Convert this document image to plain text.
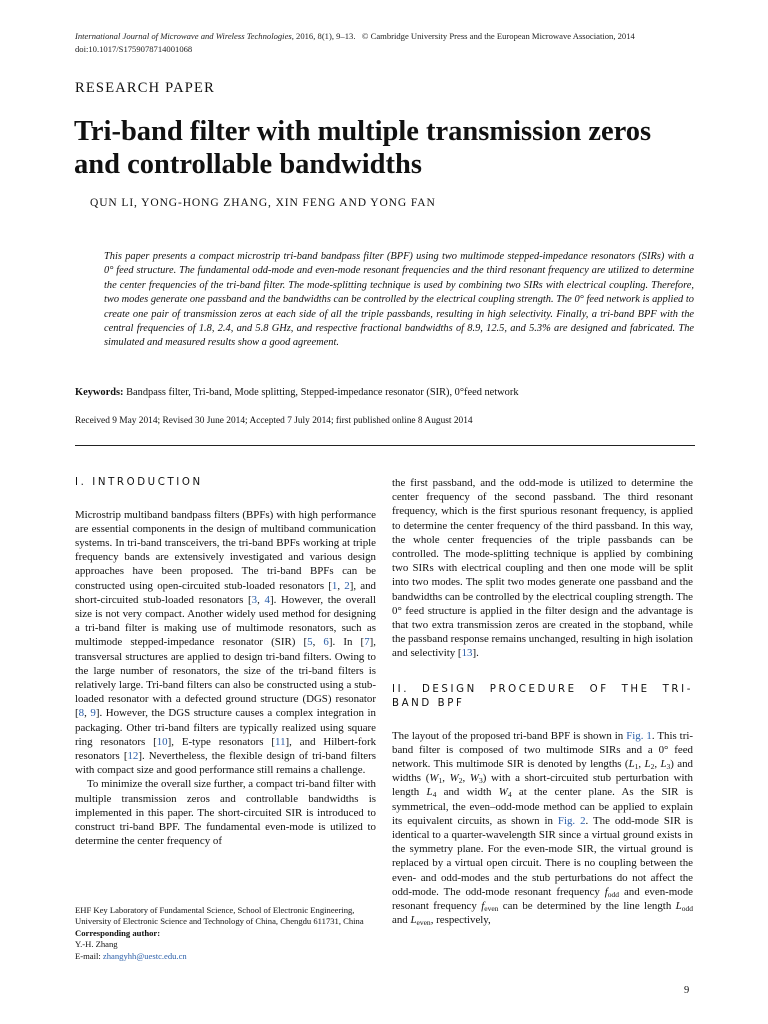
International Journal of Microwave and Wireless Technologies, 2016, 8(1), 9–13. © Cambridge University Press and the European Microwave Association, 2014
doi:10.1017/S1759078714001068
RESEARCH PAPER
Tri-band filter with multiple transmission zeros and controllable bandwidths
QUN LI, YONG-HONG ZHANG, XIN FENG AND YONG FAN

This paper presents a compact microstrip tri-band bandpass filter (BPF) using two multimode stepped-impedance resonators (SIRs) with a 0° feed structure. The fundamental odd-mode and even-mode resonant frequencies and the third resonant frequency are utilized to determine the center frequencies of the tri-band filter. The mode-splitting technique is used by combining two SIRs with electrical coupling. Therefore, two modes generate one passband and the bandwidths can be controlled by the electrical coupling strength. The 0° feed network is applied to create one pair of transmission zeros at each side of all the triple passbands, resulting in high selectivity. Finally, a tri-band BPF with the central frequencies of 1.8, 2.4, and 5.8 GHz, and respective fractional bandwidths of 8.9, 12.5, and 5.3% are designed and fabricated. The simulated and measured results show a good agreement.

Keywords: Bandpass filter, Tri-band, Mode splitting, Stepped-impedance resonator (SIR), 0°feed network
Received 9 May 2014; Revised 30 June 2014; Accepted 7 July 2014; first published online 8 August 2014
I. INTRODUCTION

Microstrip multiband bandpass filters (BPFs) with high performance are essential components in the design of multiband communication systems. In tri-band transceivers, the tri-band BPFs working at triple frequency bands are extensively investigated and various design approaches have been proposed. The tri-band BPFs can be constructed using open-circuited stub-loaded resonators [1, 2], and short-circuited stub-loaded resonators [3, 4]. However, the overall size is not very compact. Another widely used method for designing a tri-band filter is making use of multimode resonators, such as multimode stepped-impedance resonator (SIR) [5, 6]. In [7], transversal structures are applied to design tri-band filters. Owing to the large number of resonators, the size of the tri-band filters is relatively large. Tri-band filters can also be constructed using a stub-loaded resonator with a defected ground structure (DGS) resonator [8, 9]. However, the DGS structure causes a complex integration in packaging. Other tri-band filters are typically realized using square ring resonators [10], E-type resonators [11], and Hilbert-fork resonators [12]. Nevertheless, the flexible design of tri-band filters with compact size and good performance still remains a challenge.

To minimize the overall size further, a compact tri-band filter with multiple transmission zeros and controllable bandwidths is implemented in this paper. The short-circuited SIR is introduced to construct tri-band BPF. The fundamental even-mode is utilized to determine the center frequency of

the first passband, and the odd-mode is utilized to determine the center frequency of the second passband. The third resonant frequency, which is the first spurious resonant frequency, is applied to determine the center frequency of the third passband. In this way, the whole center frequencies of the triple passbands can be controlled. The mode-splitting technique is applied by combining two SIRs with electrical coupling and then one mode will be split into two modes. The split two modes generate one passband and the bandwidths can be controlled by the electrical coupling strength. The 0° feed structure is applied in the filter design and the advantage is that two extra transmission zeros are created in the stopband, while the passband response remains unchanged, resulting in high isolation and selectivity [13].

II. DESIGN PROCEDURE OF THE TRI-BAND BPF

The layout of the proposed tri-band BPF is shown in Fig. 1. This tri-band filter is composed of two multimode SIRs and a 0° feed network. This multimode SIR is denoted by lengths ($L_1$, $L_2$, $L_3$) and widths ($W_1$, $W_2$, $W_3$) with a short-circuited stub perturbation with length $L_4$ and width $W_4$ at the center plane. As the SIR is symmetrical, the even–odd-mode method can be applied to explain its equivalent circuits, as shown in Fig. 2. The odd-mode SIR is identical to a quarter-wavelength SIR since a virtual ground exists in the symmetry plane. For the even-mode SIR, the virtual ground is replaced by a virtual open circuit. There is no coupling between the even- and odd-modes and the stub perturbations do not affect the odd-mode. The odd-mode resonant frequency $f_{odd}$ and even-mode resonant frequency $f_{even}$ can be determined by the line length $L_{odd}$ and $L_{even}$, respectively,

EHF Key Laboratory of Fundamental Science, School of Electronic Engineering, University of Electronic Science and Technology of China, Chengdu 611731, China
Corresponding author:
Y.-H. Zhang
E-mail: zhangyhh@uestc.edu.cn
9
